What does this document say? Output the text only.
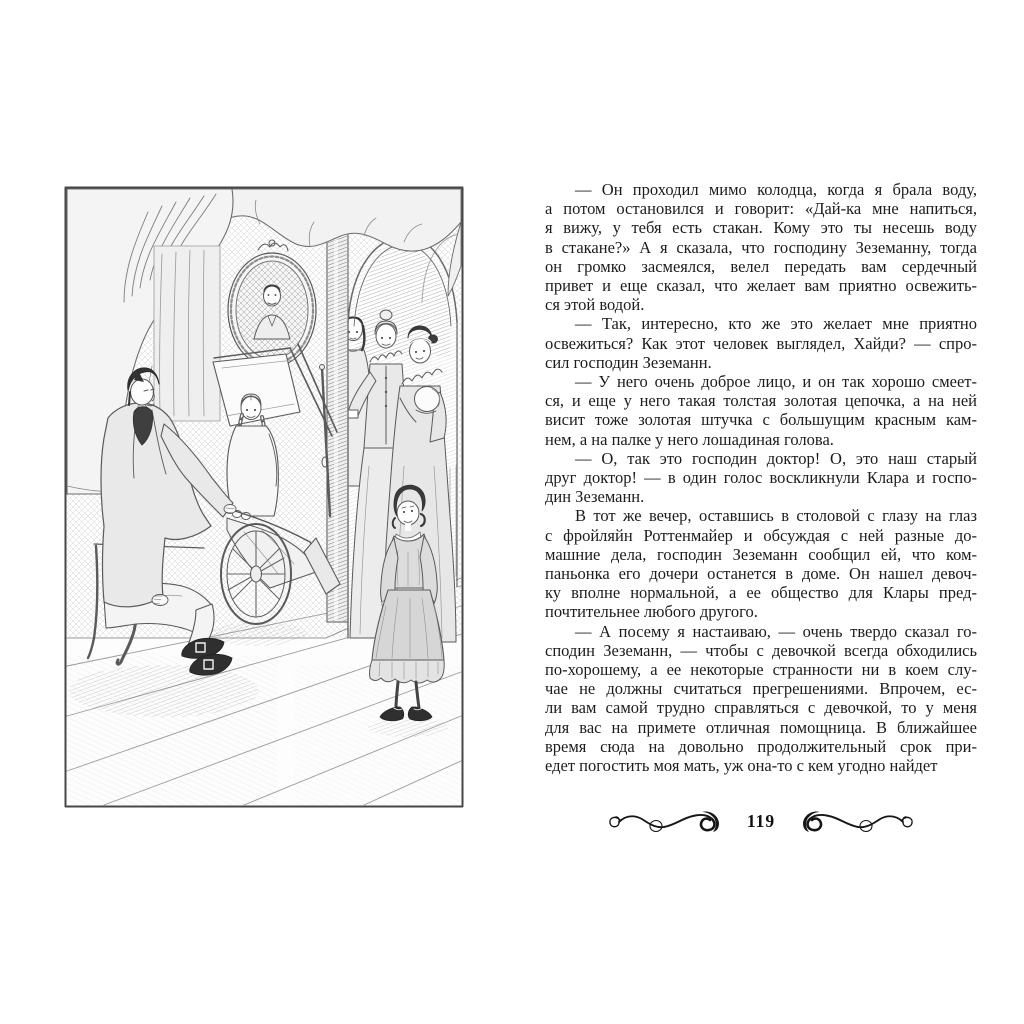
— Он проходил мимо колодца, когда я брала воду,
а потом остановился и говорит: «Дай-ка мне напиться,
я вижу, у тебя есть стакан. Кому это ты несешь воду
в стакане?» А я сказала, что господину Зеземанну, тогда
он громко засмеялся, велел передать вам сердечный
привет и еще сказал, что желает вам приятно освежить-
ся этой водой.
— Так, интересно, кто же это желает мне приятно
освежиться? Как этот человек выглядел, Хайди? — спро-
сил господин Зеземанн.
— У него очень доброе лицо, и он так хорошо смеет-
ся, и еще у него такая толстая золотая цепочка, а на ней
висит тоже золотая штучка с большущим красным кам-
нем, а на палке у него лошадиная голова.
— О, так это господин доктор! О, это наш старый
друг доктор! — в один голос воскликнули Клара и госпо-
дин Зеземанн.
В тот же вечер, оставшись в столовой с глазу на глаз
с фройляйн Роттенмайер и обсуждая с ней разные до-
машние дела, господин Зеземанн сообщил ей, что ком-
паньонка его дочери останется в доме. Он нашел девоч-
ку вполне нормальной, а ее общество для Клары пред-
почтительнее любого другого.
— А посему я настаиваю, — очень твердо сказал го-
сподин Зеземанн, — чтобы с девочкой всегда обходились
по-хорошему, а ее некоторые странности ни в коем слу-
чае не должны считаться прегрешениями. Впрочем, ес-
ли вам самой трудно справляться с девочкой, то у меня
для вас на примете отличная помощница. В ближайшее
время сюда на довольно продолжительный срок при-
едет погостить моя мать, уж она-то с кем угодно найдет
119
